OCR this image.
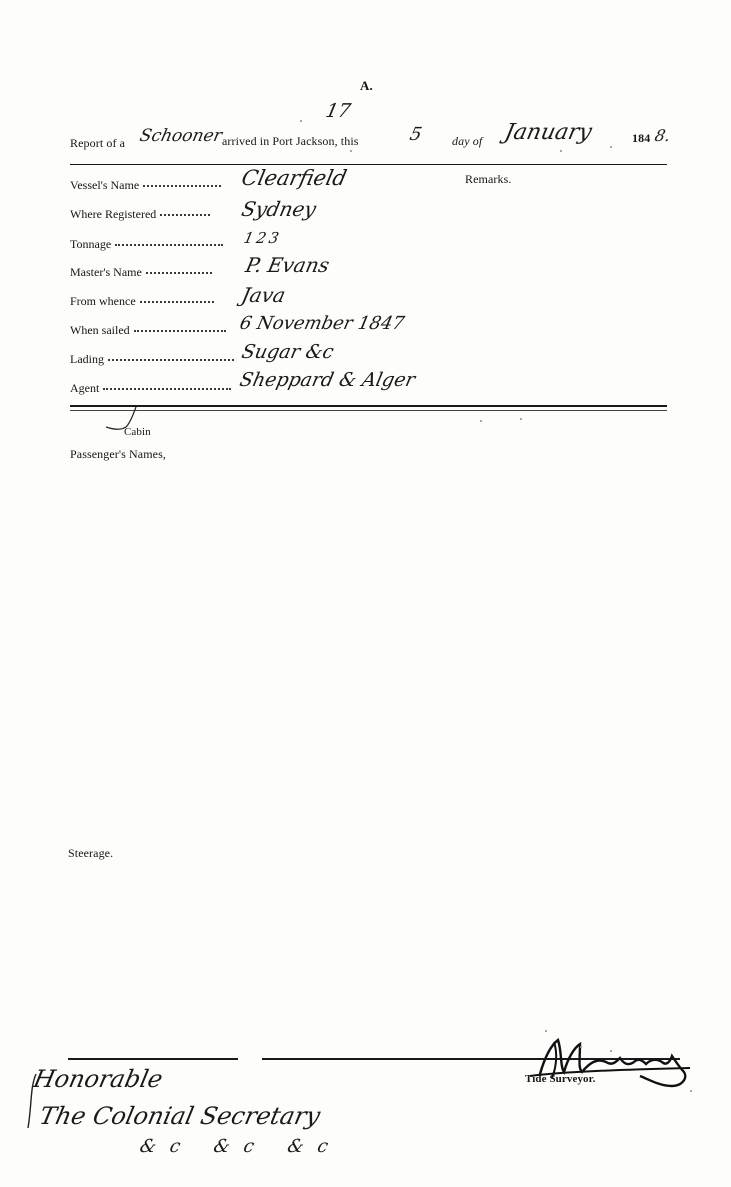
A.
Report of a Schooner
arrived in Port Jackson, this
17
5 day of January	184 8.
Remarks.
Vessel's Name	Clearfield
Where Registered	Sydney
Tonnage	123
Master's Name	P. Evans
From whence	Java
When sailed	6 November 1847
Lading	Sugar &c
Agent	Sheppard & Alger
Cabin
Passenger's Names,
Steerage.
Tide Surveyor.
Honorable
The Colonial Secretary
&c &c &c
